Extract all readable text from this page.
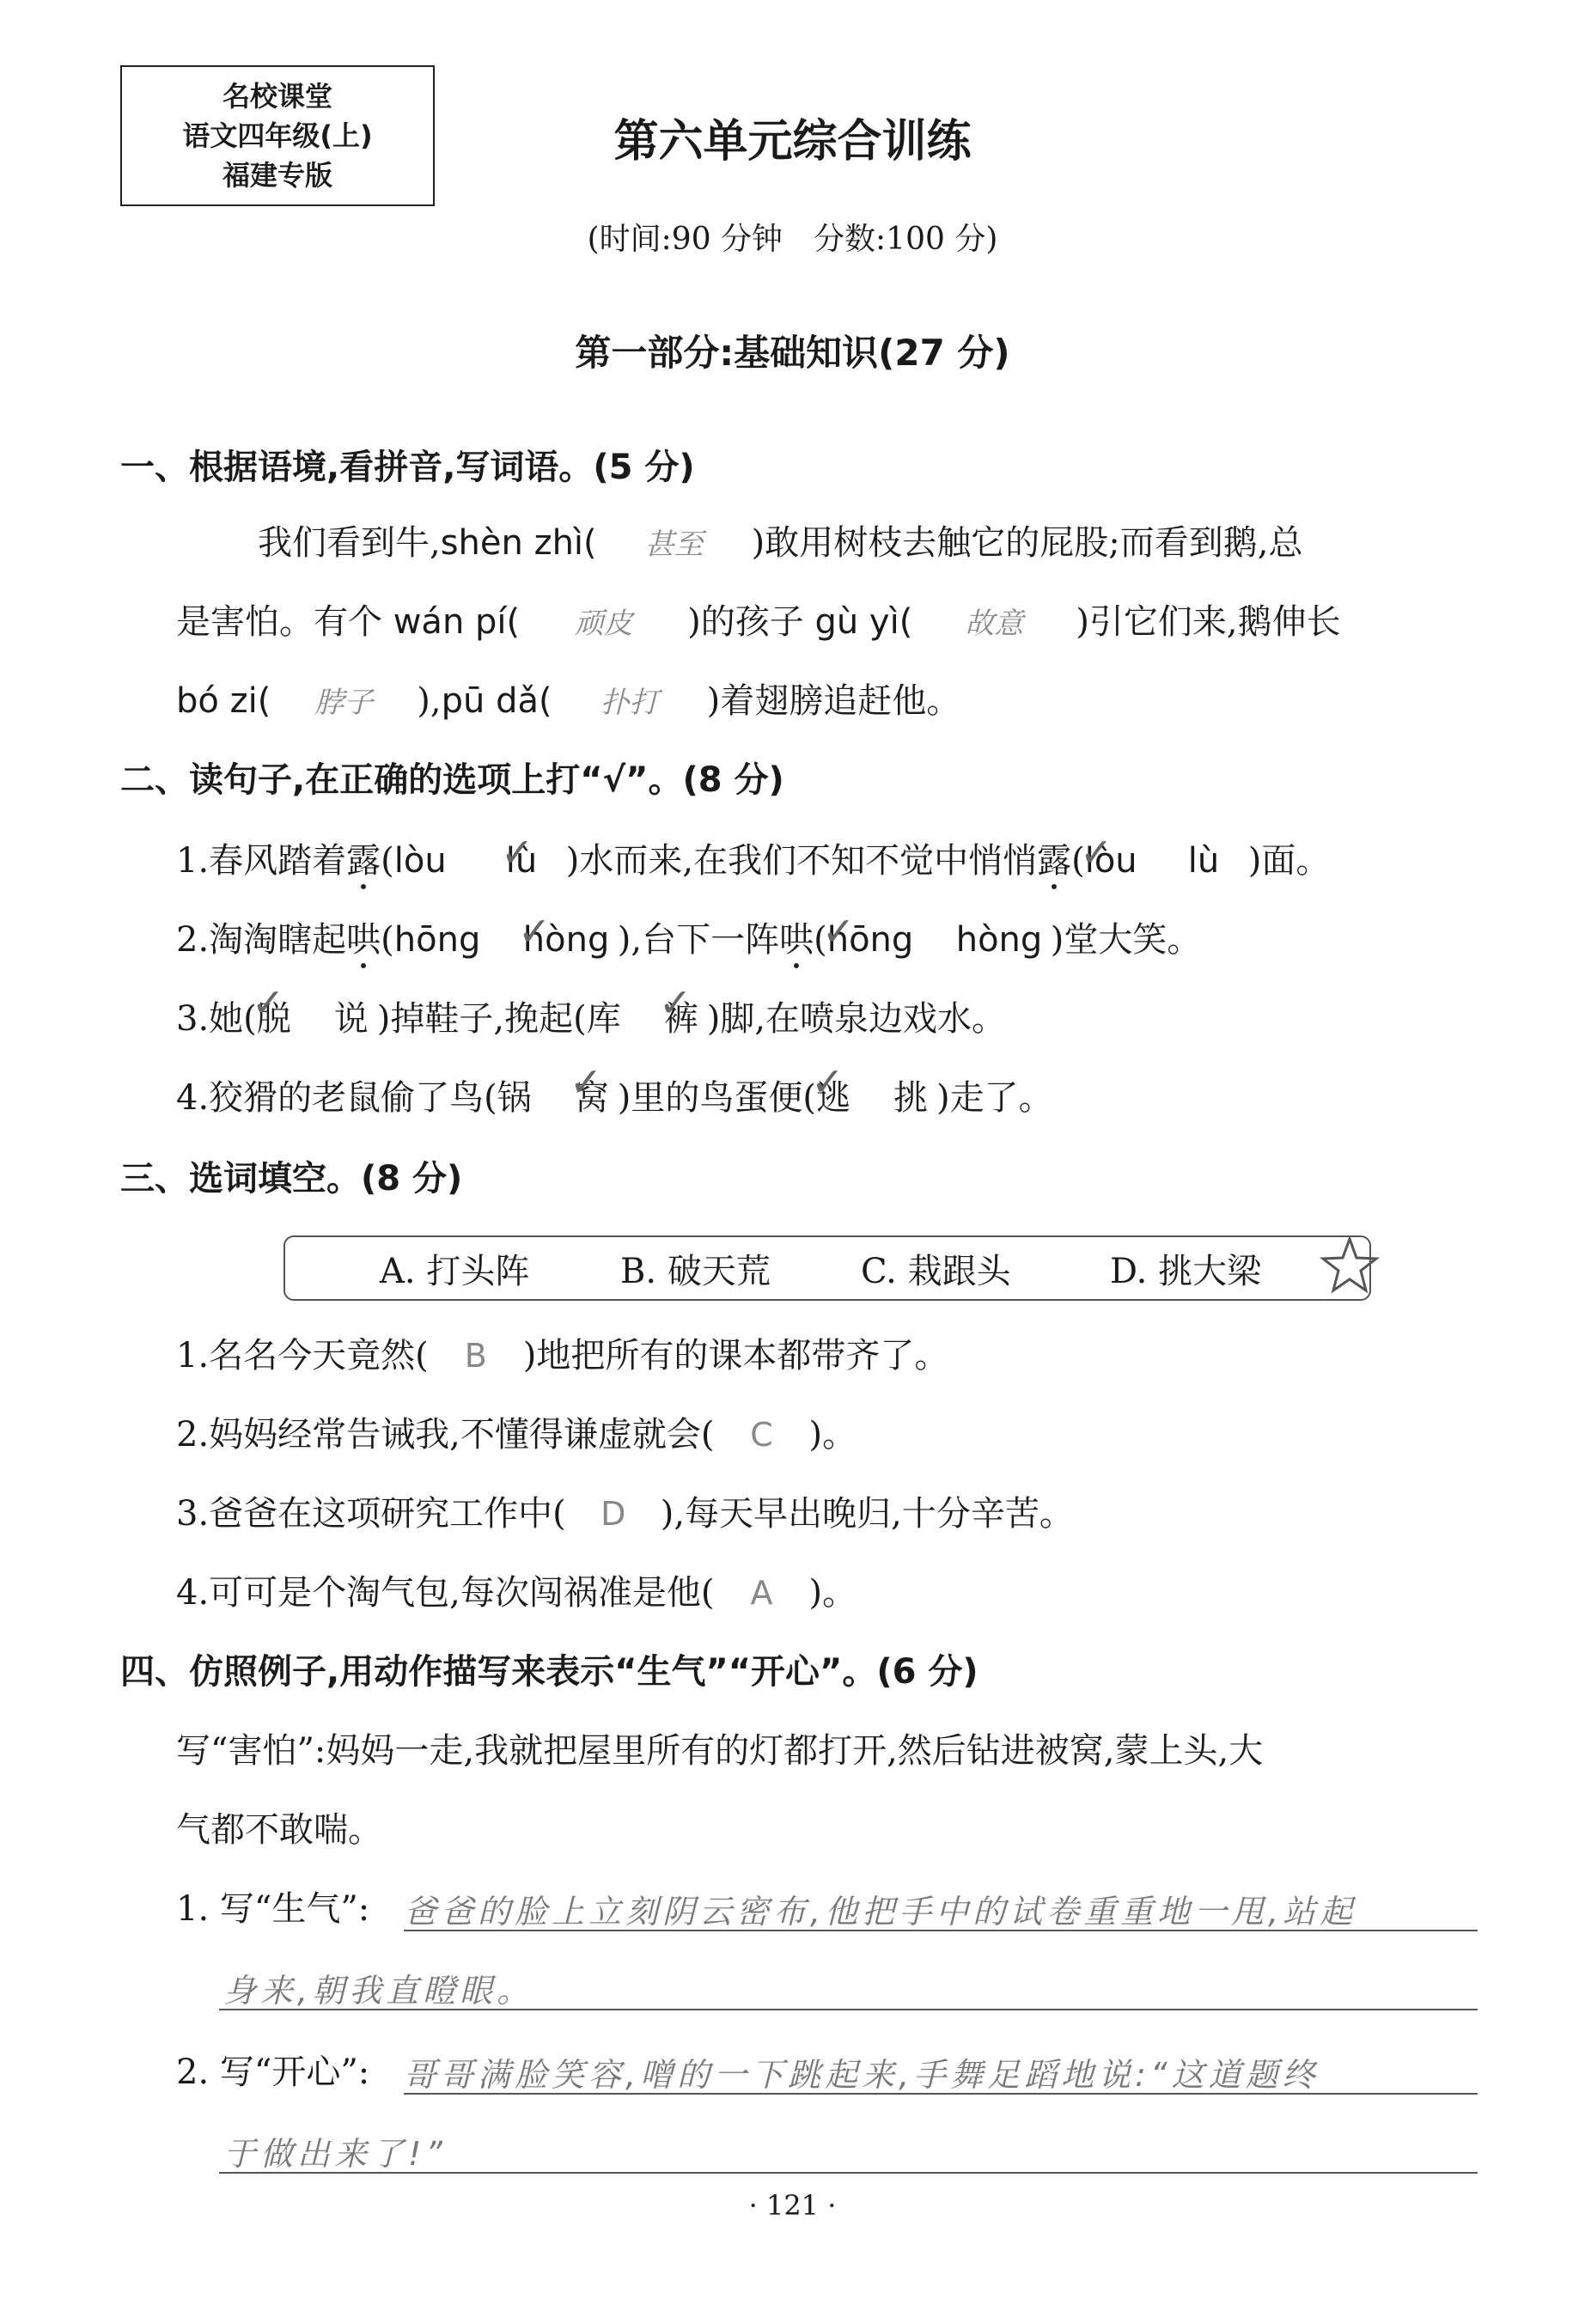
名校课堂
语文四年级(上)
福建专版
第六单元综合训练
(时间:90 分钟　分数:100 分)
第一部分:基础知识(27 分)
一、根据语境,看拼音,写词语。(5 分)
我们看到牛,shèn zhì( 甚至 )敢用树枝去触它的屁股;而看到鹅,总
是害怕。有个 wán pí( 顽皮 )的孩子 gù yì( 故意 )引它们来,鹅伸长
bó zi( 脖子 ),pū dǎ( 扑打 )着翅膀追赶他。
二、读句子,在正确的选项上打“√”。(8 分)
1.春风踏着露(lòu lù ✓ )水而来,在我们不知不觉中悄悄露(lòu ✓ lù )面。
2.淘淘瞎起哄(hōng hòng ✓ ),台下一阵哄(hōng ✓ hòng )堂大笑。
3.她(脱 ✓ 说 )掉鞋子,挽起(库 裤 ✓ )脚,在喷泉边戏水。
4.狡猾的老鼠偷了鸟(锅 窝 ✓ )里的鸟蛋便(逃 ✓ 挑 )走了。
三、选词填空。(8 分)
A. 打头阵	B. 破天荒	C. 栽跟头	D. 挑大梁
1.名名今天竟然( B )地把所有的课本都带齐了。
2.妈妈经常告诫我,不懂得谦虚就会( C )。
3.爸爸在这项研究工作中( D ),每天早出晚归,十分辛苦。
4.可可是个淘气包,每次闯祸准是他( A )。
四、仿照例子,用动作描写来表示“生气”“开心”。(6 分)
写“害怕”:妈妈一走,我就把屋里所有的灯都打开,然后钻进被窝,蒙上头,大
气都不敢喘。
1. 写“生气”: 爸爸的脸上立刻阴云密布,他把手中的试卷重重地一甩,站起
身来,朝我直瞪眼。
2. 写“开心”: 哥哥满脸笑容,噌的一下跳起来,手舞足蹈地说:“这道题终
于做出来了!”
· 121 ·
